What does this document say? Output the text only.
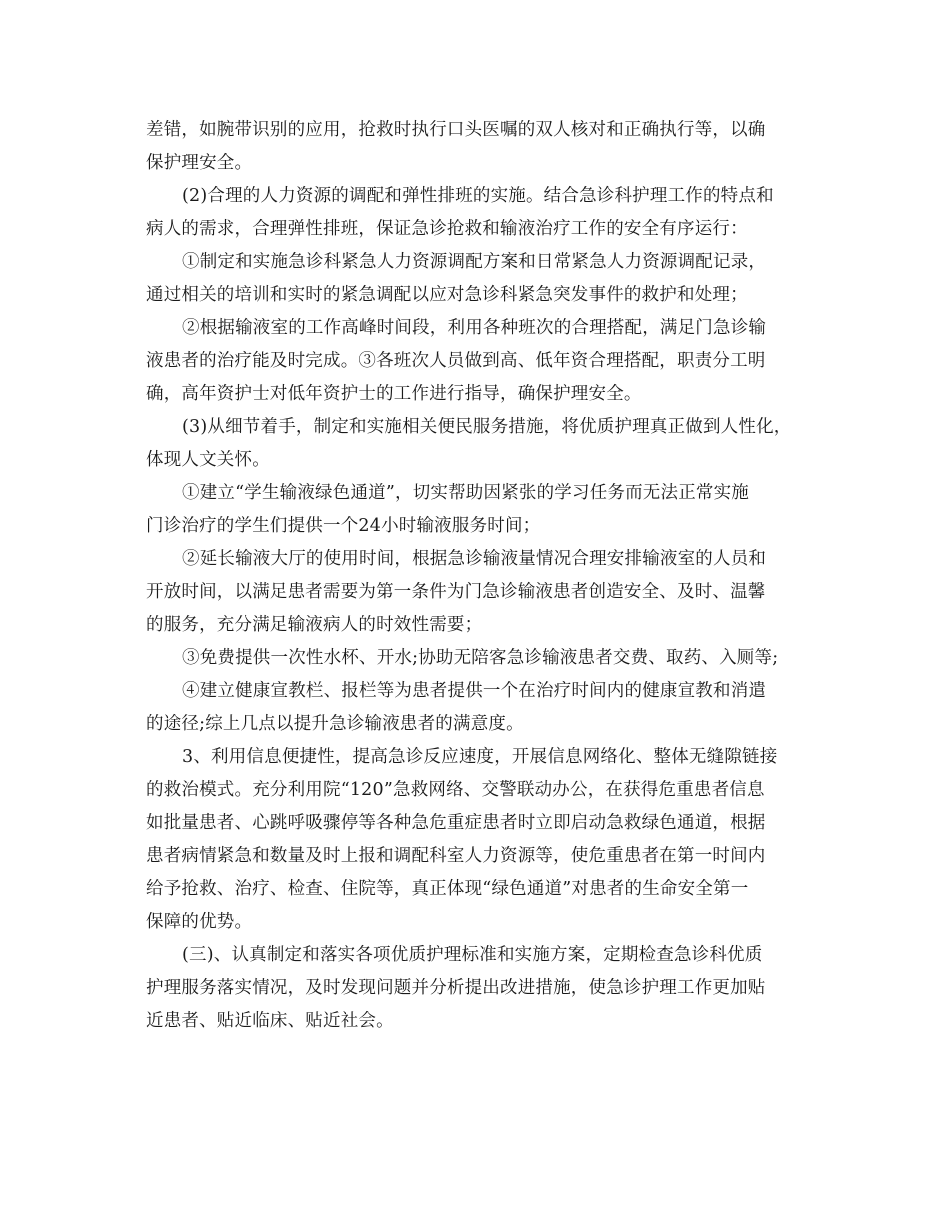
差错，如腕带识别的应用，抢救时执行口头医嘱的双人核对和正确执行等，以确
保护理安全。
(2)合理的人力资源的调配和弹性排班的实施。结合急诊科护理工作的特点和
病人的需求，合理弹性排班，保证急诊抢救和输液治疗工作的安全有序运行：
①制定和实施急诊科紧急人力资源调配方案和日常紧急人力资源调配记录，
通过相关的培训和实时的紧急调配以应对急诊科紧急突发事件的救护和处理；
②根据输液室的工作高峰时间段，利用各种班次的合理搭配，满足门急诊输
液患者的治疗能及时完成。③各班次人员做到高、低年资合理搭配，职责分工明
确，高年资护士对低年资护士的工作进行指导，确保护理安全。
(3)从细节着手，制定和实施相关便民服务措施，将优质护理真正做到人性化，
体现人文关怀。
①建立“学生输液绿色通道”，切实帮助因紧张的学习任务而无法正常实施
门诊治疗的学生们提供一个24小时输液服务时间；
②延长输液大厅的使用时间，根据急诊输液量情况合理安排输液室的人员和
开放时间，以满足患者需要为第一条件为门急诊输液患者创造安全、及时、温馨
的服务，充分满足输液病人的时效性需要；
③免费提供一次性水杯、开水;协助无陪客急诊输液患者交费、取药、入厕等;
④建立健康宣教栏、报栏等为患者提供一个在治疗时间内的健康宣教和消遣
的途径;综上几点以提升急诊输液患者的满意度。
3、利用信息便捷性，提高急诊反应速度，开展信息网络化、整体无缝隙链接
的救治模式。充分利用院“120”急救网络、交警联动办公，在获得危重患者信息
如批量患者、心跳呼吸骤停等各种急危重症患者时立即启动急救绿色通道，根据
患者病情紧急和数量及时上报和调配科室人力资源等，使危重患者在第一时间内
给予抢救、治疗、检查、住院等，真正体现“绿色通道”对患者的生命安全第一
保障的优势。
(三)、认真制定和落实各项优质护理标准和实施方案，定期检查急诊科优质
护理服务落实情况，及时发现问题并分析提出改进措施，使急诊护理工作更加贴
近患者、贴近临床、贴近社会。
